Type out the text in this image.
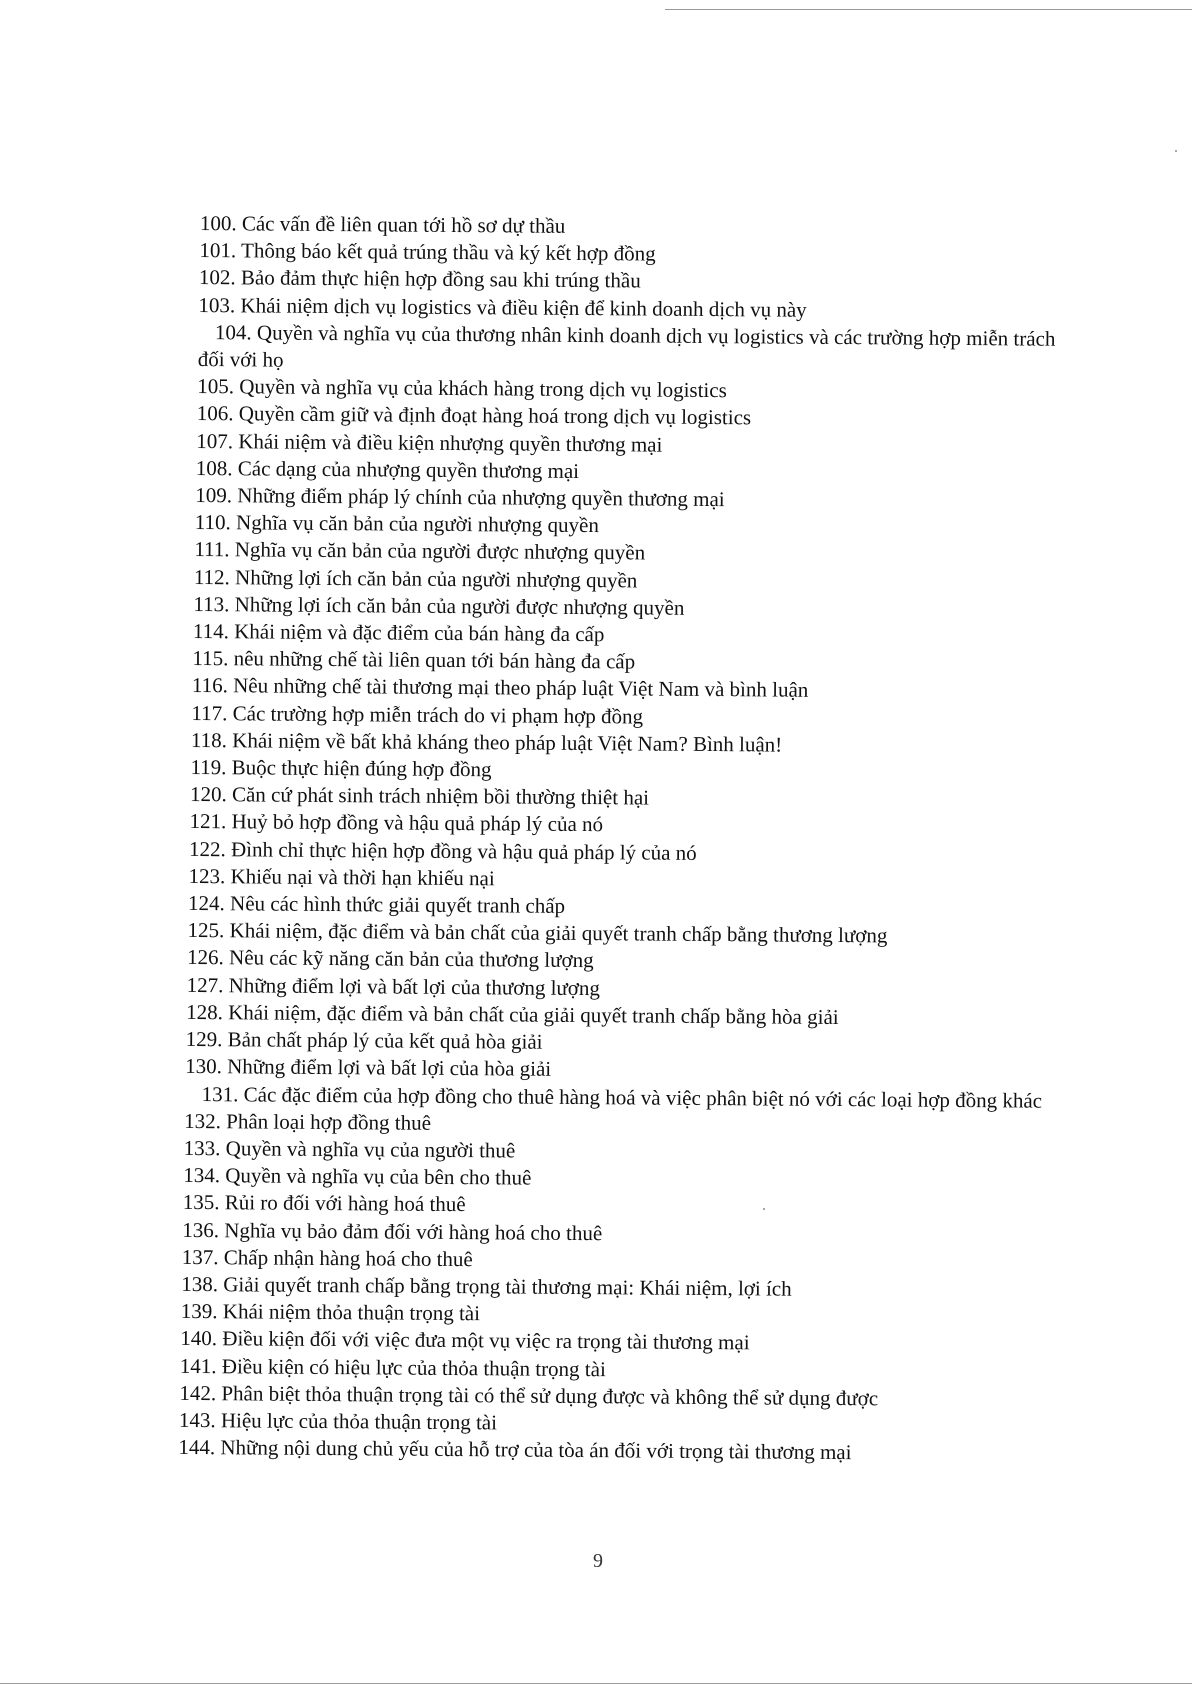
100. Các vấn đề liên quan tới hồ sơ dự thầu
101. Thông báo kết quả trúng thầu và ký kết hợp đồng
102. Bảo đảm thực hiện hợp đồng sau khi trúng thầu
103. Khái niệm dịch vụ logistics và điều kiện để kinh doanh dịch vụ này
104. Quyền và nghĩa vụ của thương nhân kinh doanh dịch vụ logistics và các trường hợp miễn trách đối với họ
105. Quyền và nghĩa vụ của khách hàng trong dịch vụ logistics
106. Quyền cầm giữ và định đoạt hàng hoá trong dịch vụ logistics
107. Khái niệm và điều kiện nhượng quyền thương mại
108. Các dạng của nhượng quyền thương mại
109. Những điểm pháp lý chính của nhượng quyền thương mại
110. Nghĩa vụ căn bản của người nhượng quyền
111. Nghĩa vụ căn bản của người được nhượng quyền
112. Những lợi ích căn bản của người nhượng quyền
113. Những lợi ích căn bản của người được nhượng quyền
114. Khái niệm và đặc điểm của bán hàng đa cấp
115. nêu những chế tài liên quan tới bán hàng đa cấp
116. Nêu những chế tài thương mại theo pháp luật Việt Nam và bình luận
117. Các trường hợp miễn trách do vi phạm hợp đồng
118. Khái niệm về bất khả kháng theo pháp luật Việt Nam? Bình luận!
119. Buộc thực hiện đúng hợp đồng
120. Căn cứ phát sinh trách nhiệm bồi thường thiệt hại
121. Huỷ bỏ hợp đồng và hậu quả pháp lý của nó
122. Đình chỉ thực hiện hợp đồng và hậu quả pháp lý của nó
123. Khiếu nại và thời hạn khiếu nại
124. Nêu các hình thức giải quyết tranh chấp
125. Khái niệm, đặc điểm và bản chất của giải quyết tranh chấp bằng thương lượng
126. Nêu các kỹ năng căn bản của thương lượng
127. Những điểm lợi và bất lợi của thương lượng
128. Khái niệm, đặc điểm và bản chất của giải quyết tranh chấp bằng hòa giải
129. Bản chất pháp lý của kết quả hòa giải
130. Những điểm lợi và bất lợi của hòa giải
131. Các đặc điểm của hợp đồng cho thuê hàng hoá và việc phân biệt nó với các loại hợp đồng khác
132. Phân loại hợp đồng thuê
133. Quyền và nghĩa vụ của người thuê
134. Quyền và nghĩa vụ của bên cho thuê
135. Rủi ro đối với hàng hoá thuê
136. Nghĩa vụ bảo đảm đối với hàng hoá cho thuê
137. Chấp nhận hàng hoá cho thuê
138. Giải quyết tranh chấp bằng trọng tài thương mại: Khái niệm, lợi ích
139. Khái niệm thỏa thuận trọng tài
140. Điều kiện đối với việc đưa một vụ việc ra trọng tài thương mại
141. Điều kiện có hiệu lực của thỏa thuận trọng tài
142. Phân biệt thỏa thuận trọng tài có thể sử dụng được và không thể sử dụng được
143. Hiệu lực của thỏa thuận trọng tài
144. Những nội dung chủ yếu của hỗ trợ của tòa án đối với trọng tài thương mại
9
